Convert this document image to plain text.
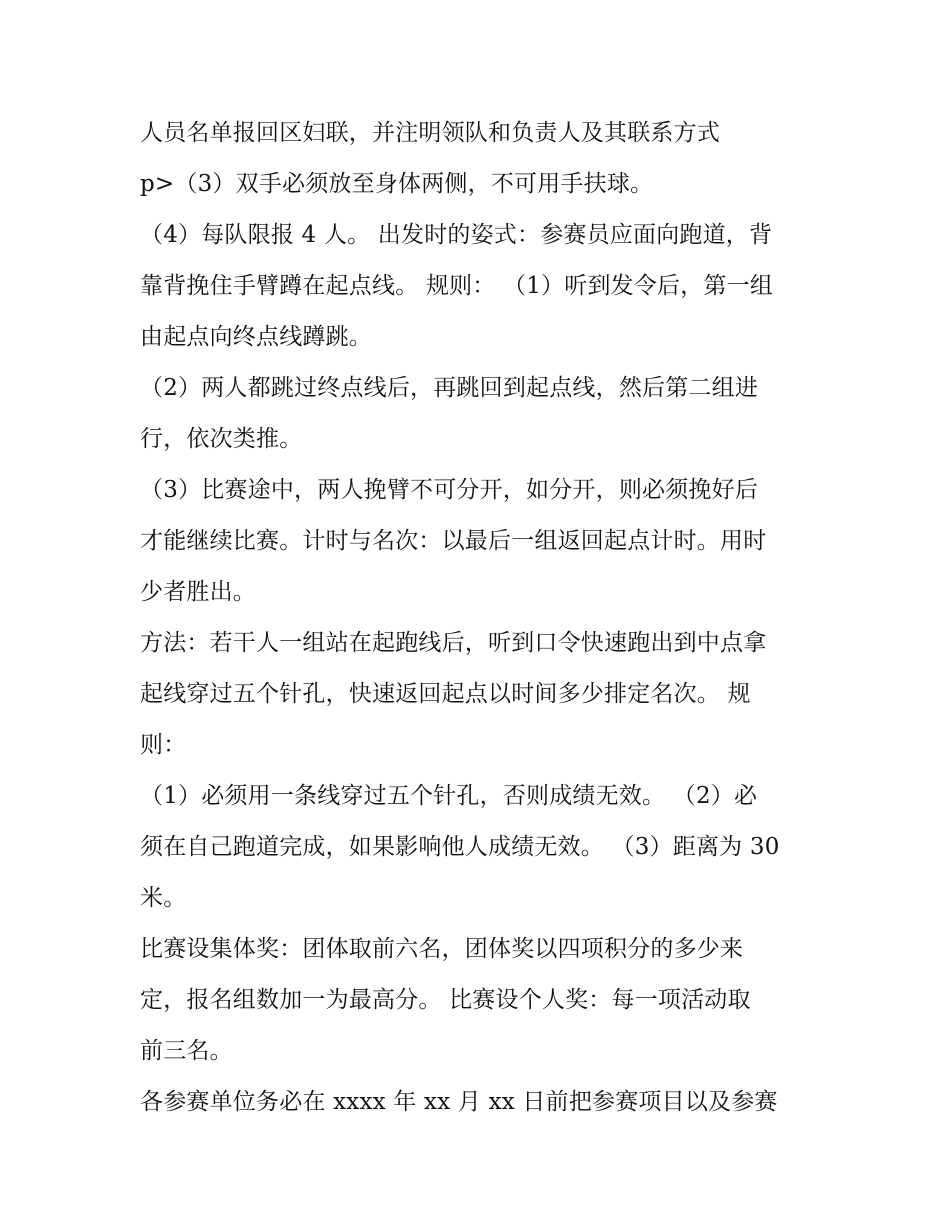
人员名单报回区妇联，并注明领队和负责人及其联系方式
p>（3）双手必须放至身体两侧，不可用手扶球。
（4）每队限报 4 人。 出发时的姿式：参赛员应面向跑道，背
靠背挽住手臂蹲在起点线。 规则： （1）听到发令后，第一组
由起点向终点线蹲跳。
（2）两人都跳过终点线后，再跳回到起点线，然后第二组进
行，依次类推。
（3）比赛途中，两人挽臂不可分开，如分开，则必须挽好后
才能继续比赛。计时与名次：以最后一组返回起点计时。用时
少者胜出。
方法：若干人一组站在起跑线后，听到口令快速跑出到中点拿
起线穿过五个针孔，快速返回起点以时间多少排定名次。 规
则：
（1）必须用一条线穿过五个针孔，否则成绩无效。 （2）必
须在自己跑道完成，如果影响他人成绩无效。 （3）距离为 30
米。
比赛设集体奖：团体取前六名，团体奖以四项积分的多少来
定，报名组数加一为最高分。 比赛设个人奖：每一项活动取
前三名。
各参赛单位务必在 xxxx 年 xx 月 xx 日前把参赛项目以及参赛
